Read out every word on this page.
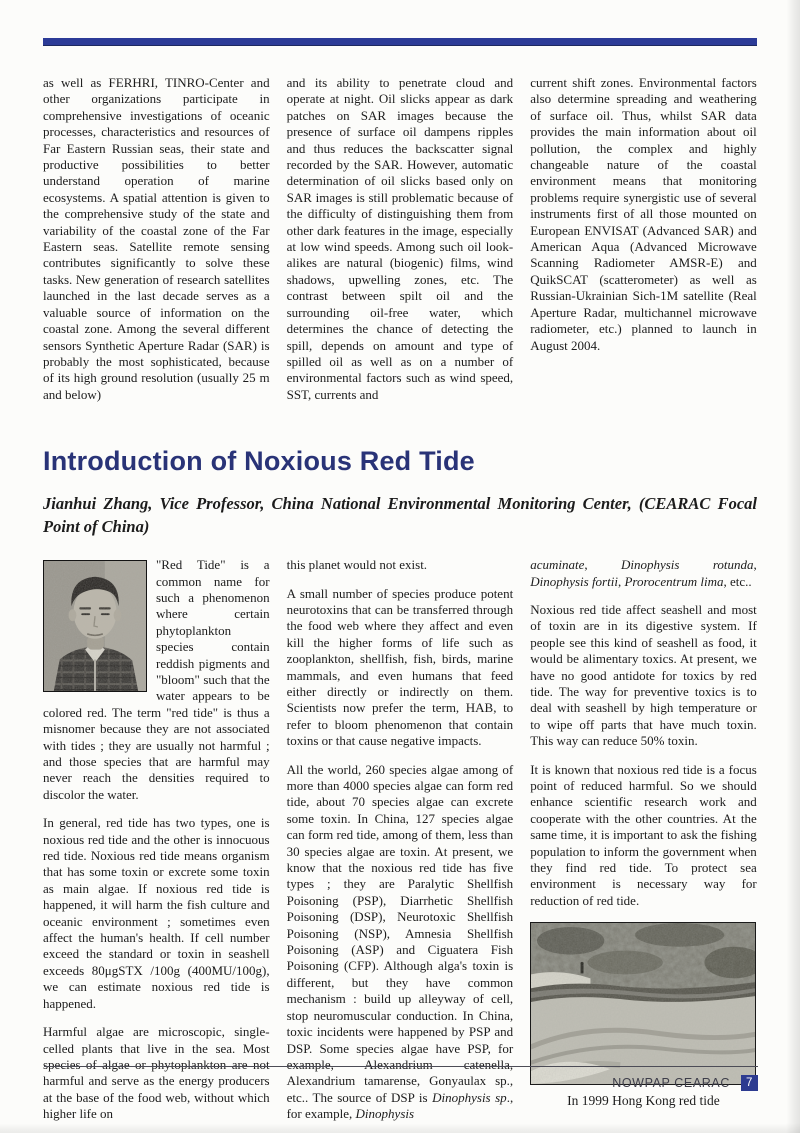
as well as FERHRI, TINRO-Center and other organizations participate in comprehensive investigations of oceanic processes, characteristics and resources of Far Eastern Russian seas, their state and productive possibilities to better understand operation of marine ecosystems. A spatial attention is given to the comprehensive study of the state and variability of the coastal zone of the Far Eastern seas. Satellite remote sensing contributes significantly to solve these tasks. New generation of research satellites launched in the last decade serves as a valuable source of information on the coastal zone. Among the several different sensors Synthetic Aperture Radar (SAR) is probably the most sophisticated, because of its high ground resolution (usually 25 m and below)
and its ability to penetrate cloud and operate at night. Oil slicks appear as dark patches on SAR images because the presence of surface oil dampens ripples and thus reduces the backscatter signal recorded by the SAR. However, automatic determination of oil slicks based only on SAR images is still problematic because of the difficulty of distinguishing them from other dark features in the image, especially at low wind speeds. Among such oil look-alikes are natural (biogenic) films, wind shadows, upwelling zones, etc. The contrast between spilt oil and the surrounding oil-free water, which determines the chance of detecting the spill, depends on amount and type of spilled oil as well as on a number of environmental factors such as wind speed, SST, currents and
current shift zones. Environmental factors also determine spreading and weathering of surface oil. Thus, whilst SAR data provides the main information about oil pollution, the complex and highly changeable nature of the coastal environment means that monitoring problems require synergistic use of several instruments first of all those mounted on European ENVISAT (Advanced SAR) and American Aqua (Advanced Microwave Scanning Radiometer AMSR-E) and QuikSCAT (scatterometer) as well as Russian-Ukrainian Sich-1M satellite (Real Aperture Radar, multichannel microwave radiometer, etc.) planned to launch in August 2004.
Introduction of Noxious Red Tide
Jianhui Zhang, Vice Professor, China National Environmental Monitoring Center, (CEARAC Focal Point of China)

"Red Tide" is a common name for such a phenomenon where certain phytoplankton species contain reddish pigments and "bloom" such that the water appears to be colored red. The term "red tide" is thus a misnomer because they are not associated with tides ; they are usually not harmful ; and those species that are harmful may never reach the densities required to discolor the water.

In general, red tide has two types, one is noxious red tide and the other is innocuous red tide. Noxious red tide means organism that has some toxin or excrete some toxin as main algae. If noxious red tide is happened, it will harm the fish culture and oceanic environment ; sometimes even affect the human's health. If cell number exceed the standard or toxin in seashell exceeds 80μgSTX /100g (400MU/100g), we can estimate noxious red tide is happened.

Harmful algae are microscopic, single-celled plants that live in the sea. Most species of algae or phytoplankton are not harmful and serve as the energy producers at the base of the food web, without which higher life on

this planet would not exist.

A small number of species produce potent neurotoxins that can be transferred through the food web where they affect and even kill the higher forms of life such as zooplankton, shellfish, fish, birds, marine mammals, and even humans that feed either directly or indirectly on them. Scientists now prefer the term, HAB, to refer to bloom phenomenon that contain toxins or that cause negative impacts.

All the world, 260 species algae among of more than 4000 species algae can form red tide, about 70 species algae can excrete some toxin. In China, 127 species algae can form red tide, among of them, less than 30 species algae are toxin. At present, we know that the noxious red tide has five types ; they are Paralytic Shellfish Poisoning (PSP), Diarrhetic Shellfish Poisoning (DSP), Neurotoxic Shellfish Poisoning (NSP), Amnesia Shellfish Poisoning (ASP) and Ciguatera Fish Poisoning (CFP). Although alga's toxin is different, but they have common mechanism : build up alleyway of cell, stop neuromuscular conduction. In China, toxic incidents were happened by PSP and DSP. Some species algae have PSP, for example, Alexandrium catenella, Alexandrium tamarense, Gonyaulax sp., etc.. The source of DSP is Dinophysis sp., for example, Dinophysis

acuminate, Dinophysis rotunda, Dinophysis fortii, Prorocentrum lima, etc..

Noxious red tide affect seashell and most of toxin are in its digestive system. If people see this kind of seashell as food, it would be alimentary toxics. At present, we have no good antidote for toxics by red tide. The way for preventive toxics is to deal with seashell by high temperature or to wipe off parts that have much toxin. This way can reduce 50% toxin.

It is known that noxious red tide is a focus point of reduced harmful. So we should enhance scientific research work and cooperate with the other countries. At the same time, it is important to ask the fishing population to inform the government when they find red tide. To protect sea environment is necessary way for reduction of red tide.

In 1999 Hong Kong red tide
NOWPAP CEARAC	7
